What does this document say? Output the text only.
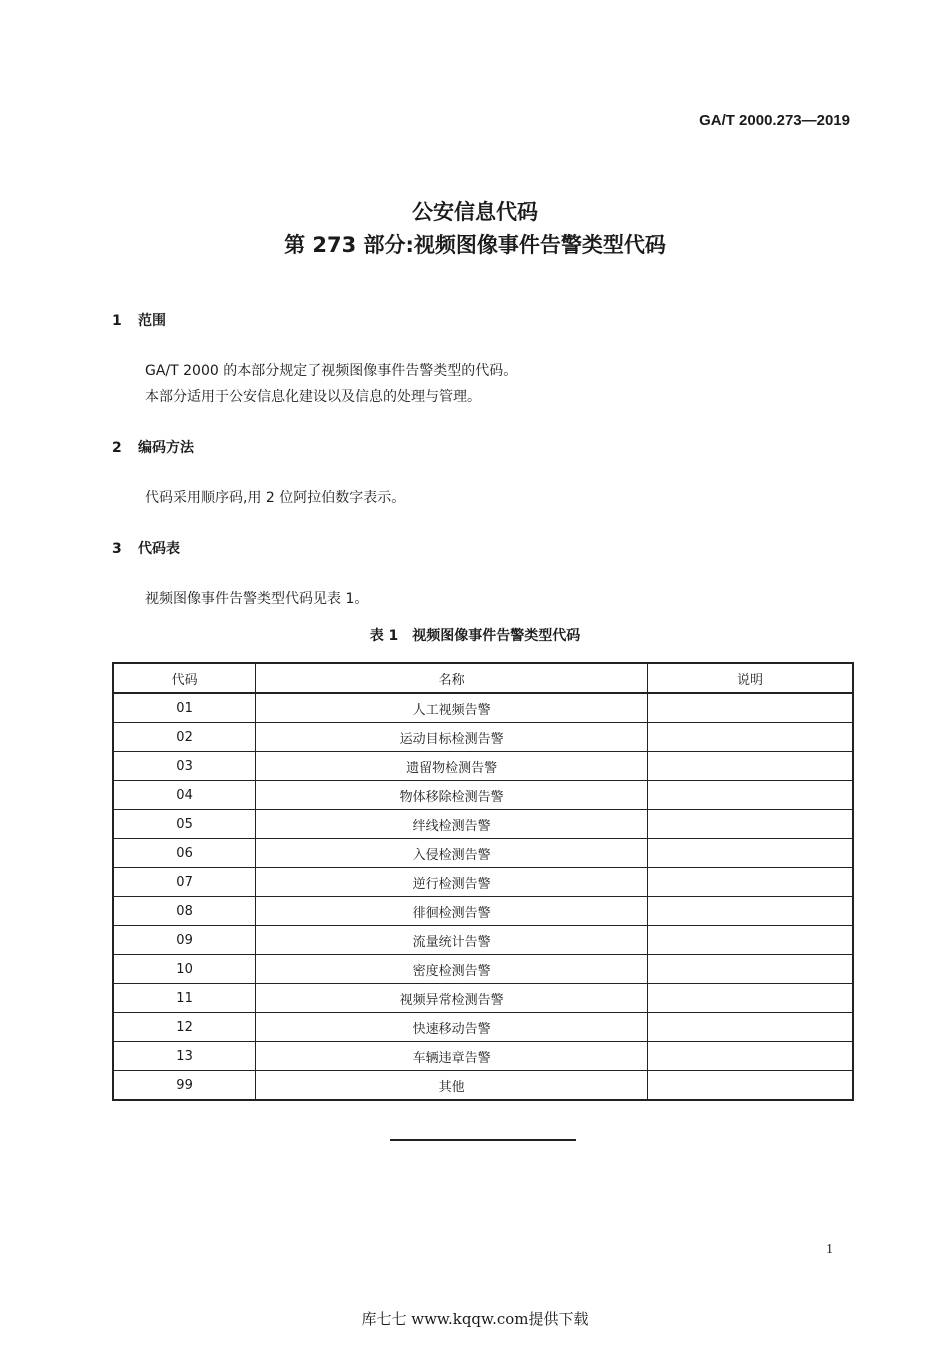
GA/T 2000.273—2019
公安信息代码
第 273 部分:视频图像事件告警类型代码
1 范围
GA/T 2000 的本部分规定了视频图像事件告警类型的代码。
本部分适用于公安信息化建设以及信息的处理与管理。
2 编码方法
代码采用顺序码,用 2 位阿拉伯数字表示。
3 代码表
视频图像事件告警类型代码见表 1。
表 1　视频图像事件告警类型代码
代码	名称	说明
01	人工视频告警	
02	运动目标检测告警	
03	遗留物检测告警	
04	物体移除检测告警	
05	绊线检测告警	
06	入侵检测告警	
07	逆行检测告警	
08	徘徊检测告警	
09	流量统计告警	
10	密度检测告警	
11	视频异常检测告警	
12	快速移动告警	
13	车辆违章告警	
99	其他	
1
库七七 www.kqqw.com提供下载
